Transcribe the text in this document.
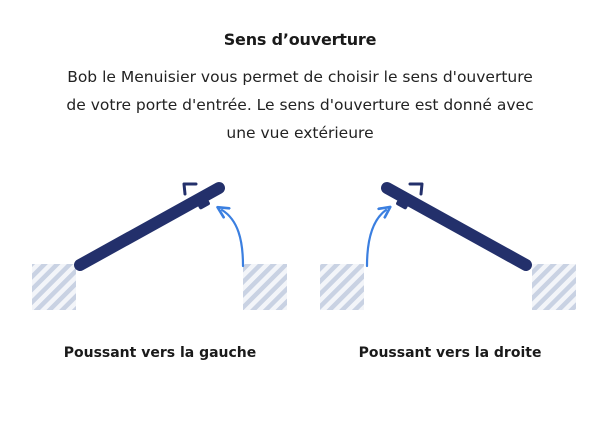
Sens d’ouverture
Bob le Menuisier vous permet de choisir le sens d'ouverture
de votre porte d'entrée. Le sens d'ouverture est donné avec
une vue extérieure
Poussant vers la gauche	Poussant vers la droite
